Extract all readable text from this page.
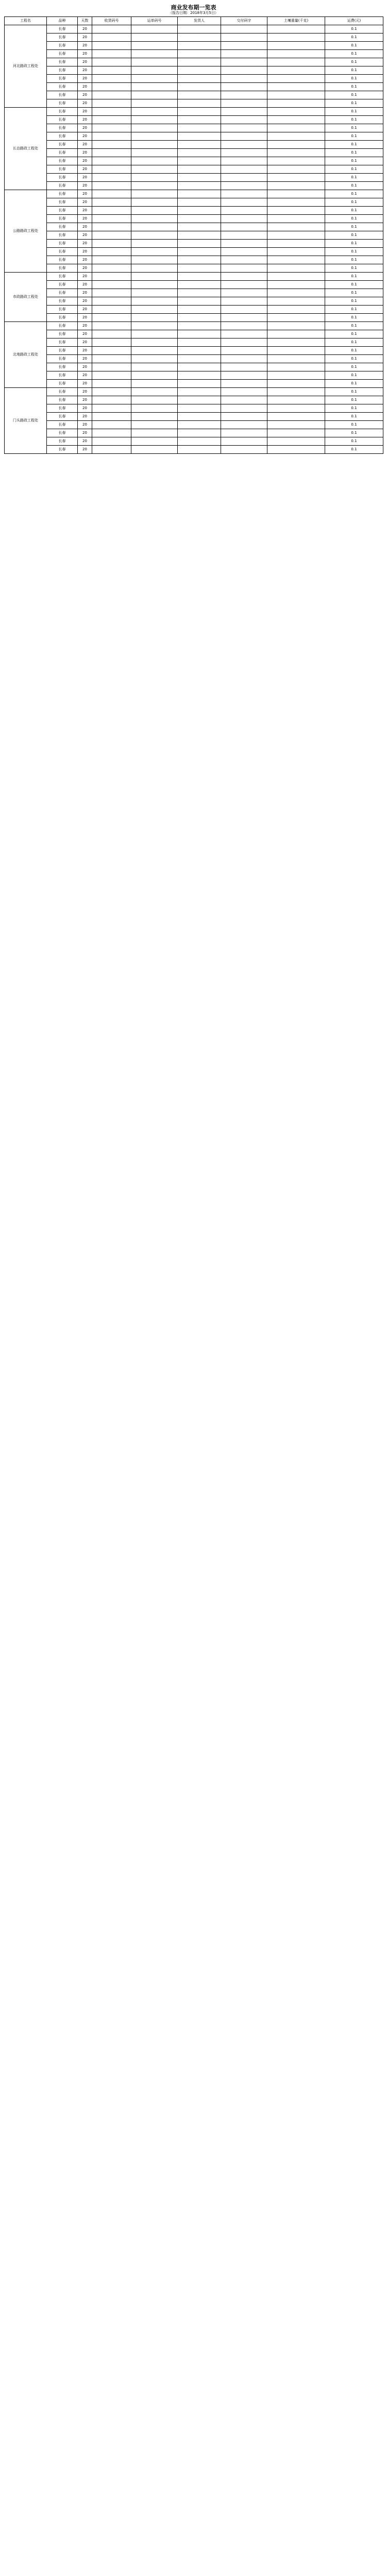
商业发布期一览表
（报告日期：2018年3月5日）
工程名	品种	天数	收货码号	运单码号	发货人	交付码字	土壤重量(千克)	运费(元)	
河北路政工程处	长春	20						0.1	
	长春	20						0.1	
	长春	20						0.1	
	长春	20						0.1	
	长春	20						0.1	
	长春	20						0.1	
	长春	20						0.1	
	长春	20						0.1	
	长春	20						0.1	
	长春	20						0.1	
长治路政工程处	长春	20						0.1	
	长春	20						0.1	
	长春	20						0.1	
	长春	20						0.1	
	长春	20						0.1	
	长春	20						0.1	
	长春	20						0.1	
	长春	20						0.1	
	长春	20						0.1	
	长春	20						0.1	
公路路政工程处	长春	20						0.1	
	长春	20						0.1	
	长春	20						0.1	
	长春	20						0.1	
	长春	20						0.1	
	长春	20						0.1	
	长春	20						0.1	
	长春	20						0.1	
	长春	20						0.1	
	长春	20						0.1	
市政路政工程处	长春	20						0.1	
	长春	20						0.1	
	长春	20						0.1	
	长春	20						0.1	
	长春	20						0.1	
	长春	20						0.1	
北地路政工程处	长春	20						0.1	
	长春	20						0.1	
	长春	20						0.1	
	长春	20						0.1	
	长春	20						0.1	
	长春	20						0.1	
	长春	20						0.1	
	长春	20						0.1	
门头路政工程处	长春	20						0.1	
	长春	20						0.1	
	长春	20						0.1	
	长春	20						0.1	
	长春	20						0.1	
	长春	20						0.1	
	长春	20						0.1	
	长春	20						0.1	
